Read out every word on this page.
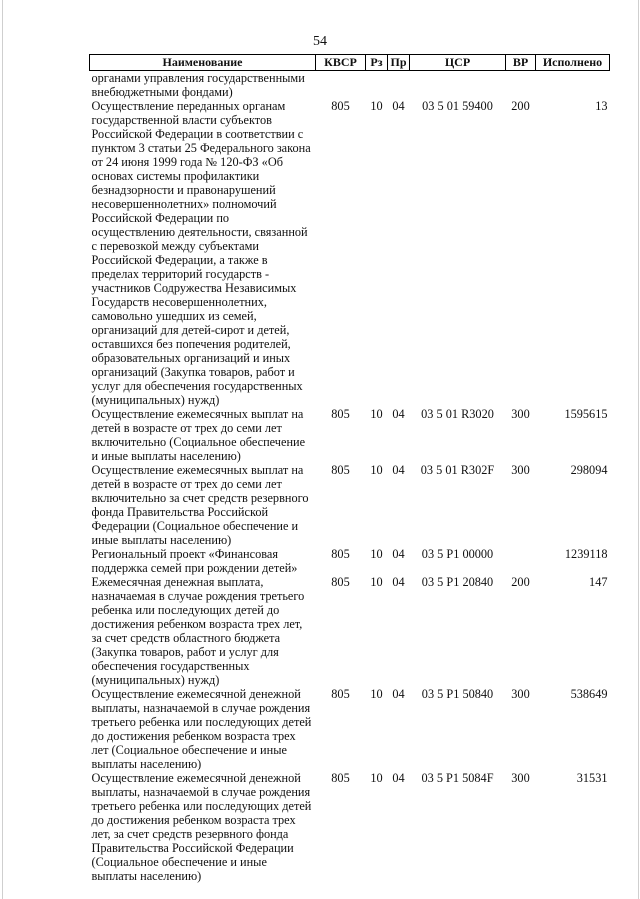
54
Наименование	КВСР	Рз	Пр	ЦСР	ВР	Исполнено
органами управления государственными внебюджетными фондами)						
Осуществление переданных органам государственной власти субъектов Российской Федерации в соответствии с пунктом 3 статьи 25 Федерального закона от 24 июня 1999 года № 120-ФЗ «Об основах системы профилактики безнадзорности и правонарушений несовершеннолетних» полномочий Российской Федерации по осуществлению деятельности, связанной с перевозкой между субъектами Российской Федерации, а также в пределах территорий государств - участников Содружества Независимых Государств несовершеннолетних, самовольно ушедших из семей, организаций для детей-сирот и детей, оставшихся без попечения родителей, образовательных организаций и иных организаций (Закупка товаров, работ и услуг для обеспечения государственных (муниципальных) нужд)	805	10	04	03 5 01 59400	200	13
Осуществление ежемесячных выплат на детей в возрасте от трех до семи лет включительно (Социальное обеспечение и иные выплаты населению)	805	10	04	03 5 01 R3020	300	1595615
Осуществление ежемесячных выплат на детей в возрасте от трех до семи лет включительно за счет средств резервного фонда Правительства Российской Федерации (Социальное обеспечение и иные выплаты населению)	805	10	04	03 5 01 R302F	300	298094
Региональный проект «Финансовая поддержка семей при рождении детей»	805	10	04	03 5 P1 00000		1239118
Ежемесячная денежная выплата, назначаемая в случае рождения третьего ребенка или последующих детей до достижения ребенком возраста трех лет, за счет средств областного бюджета (Закупка товаров, работ и услуг для обеспечения государственных (муниципальных) нужд)	805	10	04	03 5 P1 20840	200	147
Осуществление ежемесячной денежной выплаты, назначаемой в случае рождения третьего ребенка или последующих детей до достижения ребенком возраста трех лет (Социальное обеспечение и иные выплаты населению)	805	10	04	03 5 P1 50840	300	538649
Осуществление ежемесячной денежной выплаты, назначаемой в случае рождения третьего ребенка или последующих детей до достижения ребенком возраста трех лет, за счет средств резервного фонда Правительства Российской Федерации (Социальное обеспечение и иные выплаты населению)	805	10	04	03 5 P1 5084F	300	31531
